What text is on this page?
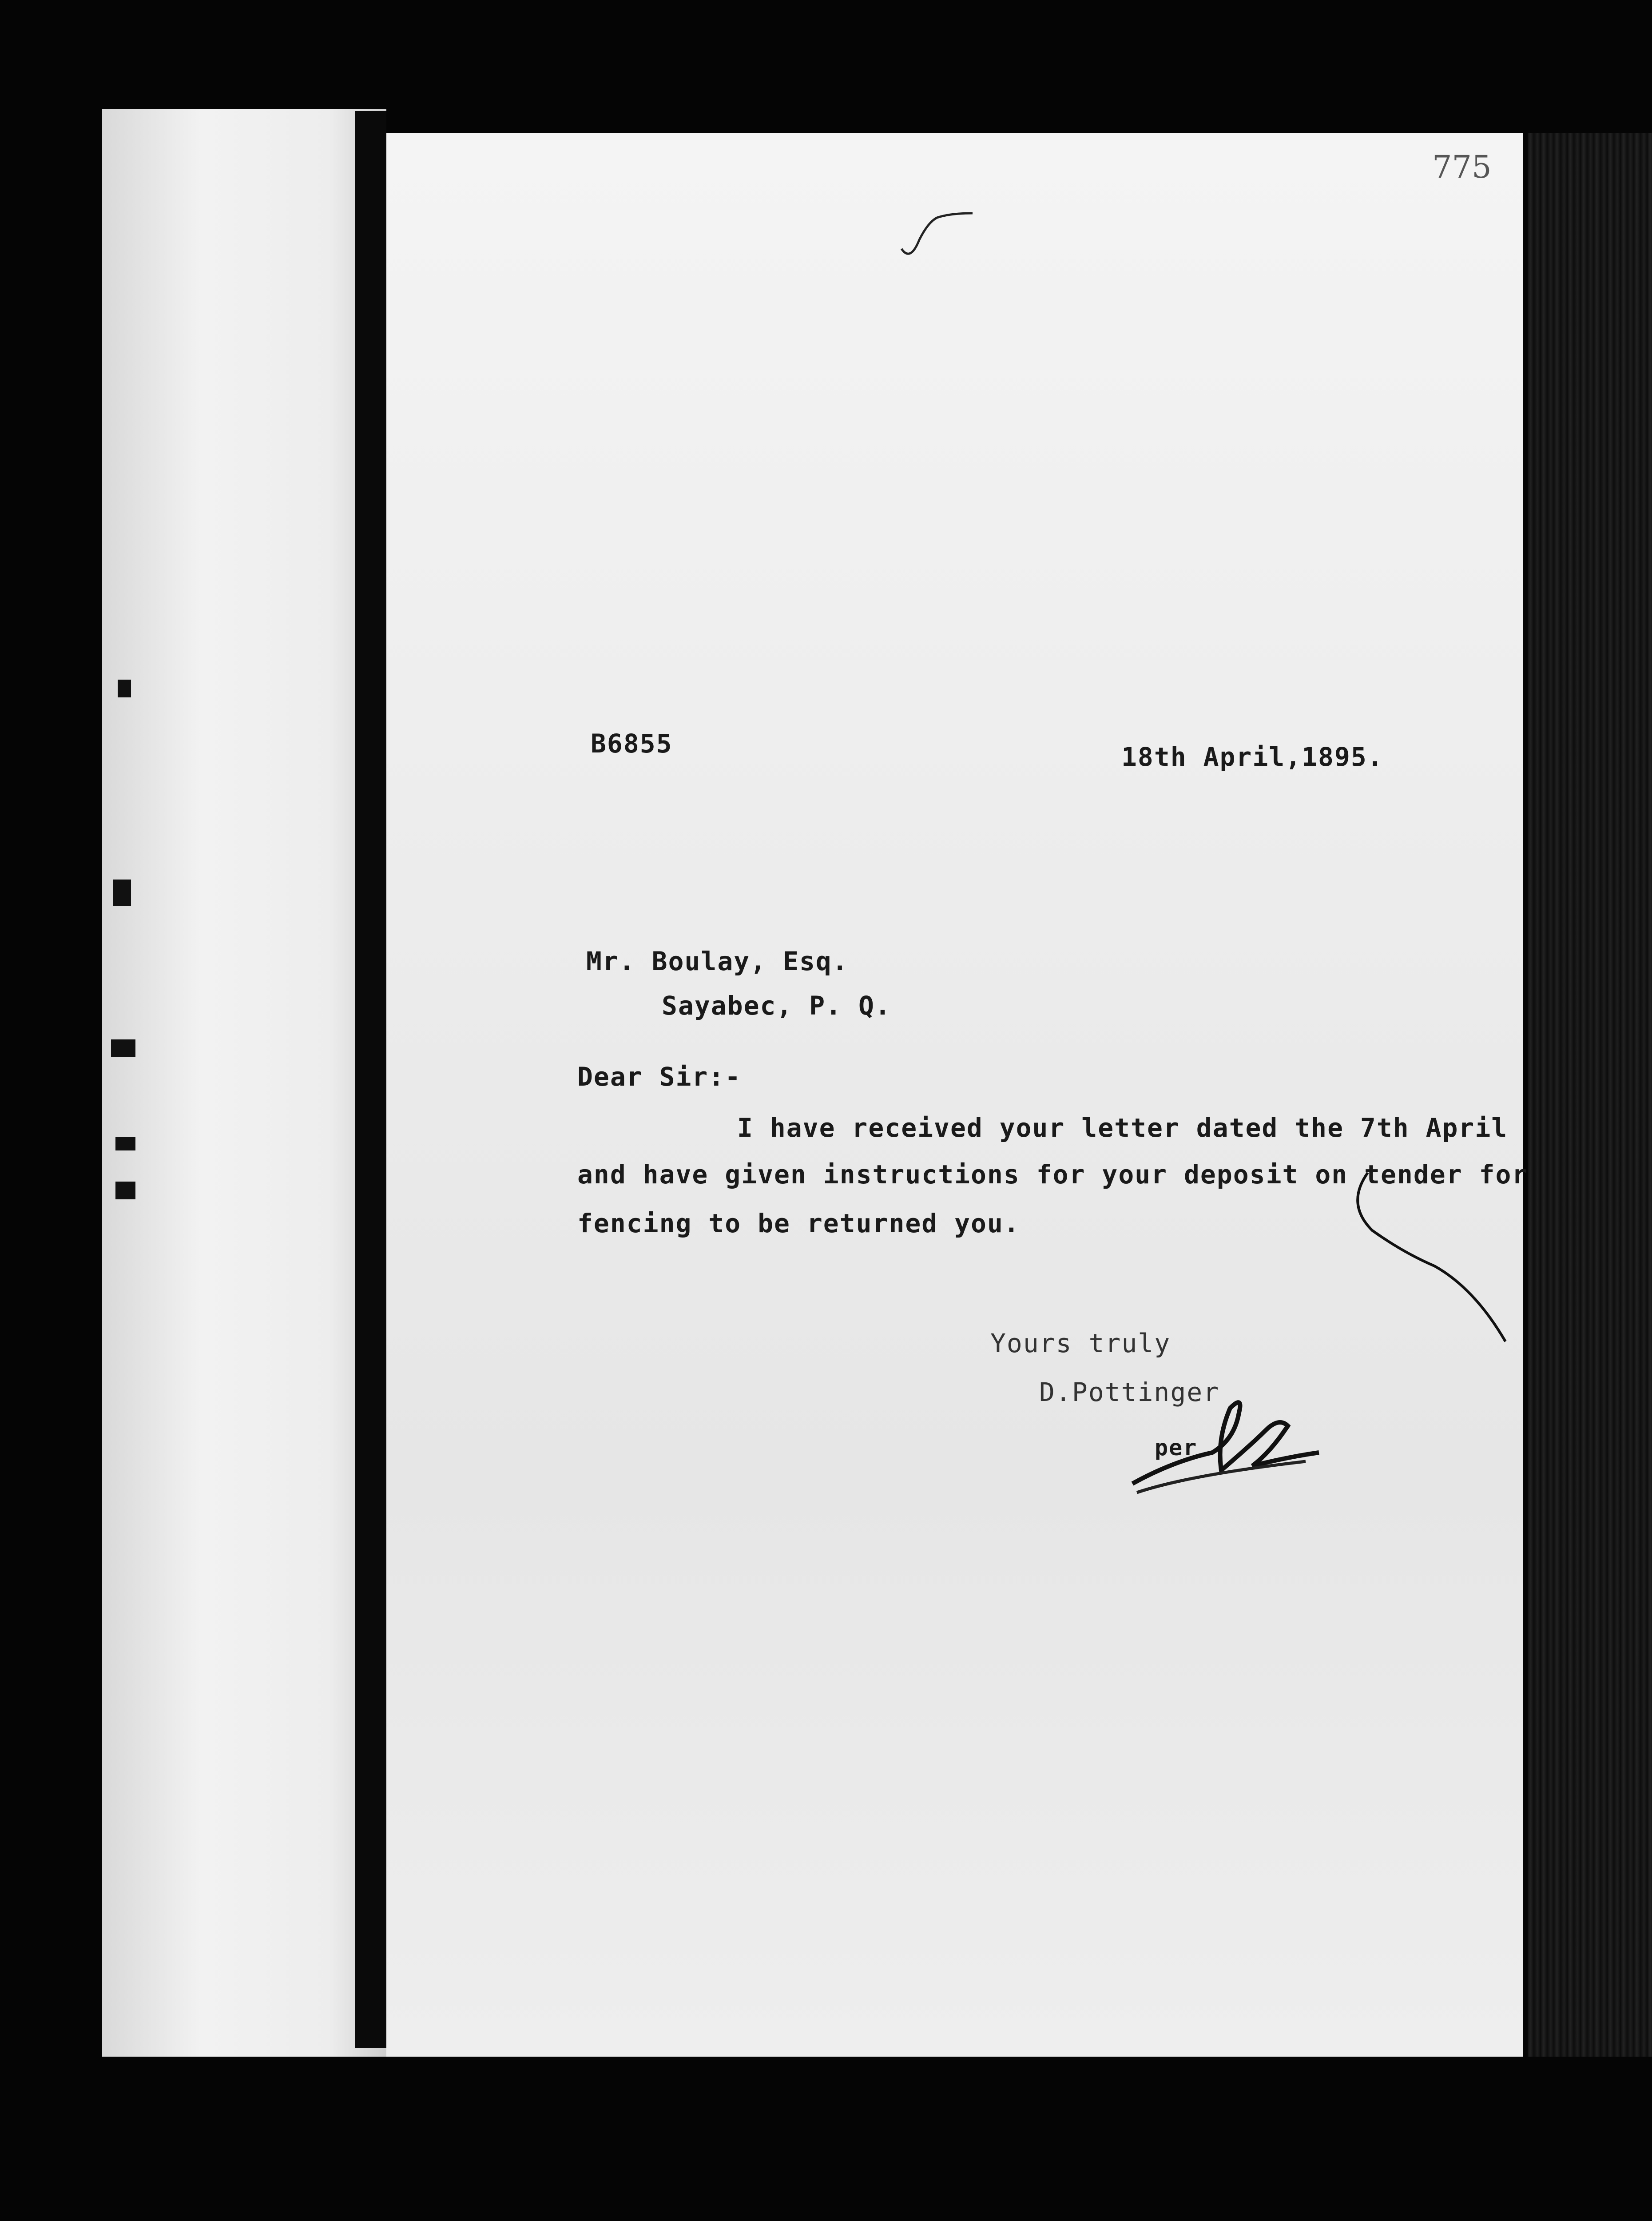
775
B6855	18th April,1895.
Mr. Boulay, Esq.
Sayabec, P. Q.
Dear Sir:-
I have received your letter dated the 7th April
and have given instructions for your deposit on tender for
fencing to be returned you.
Yours truly
D.Pottinger
per
